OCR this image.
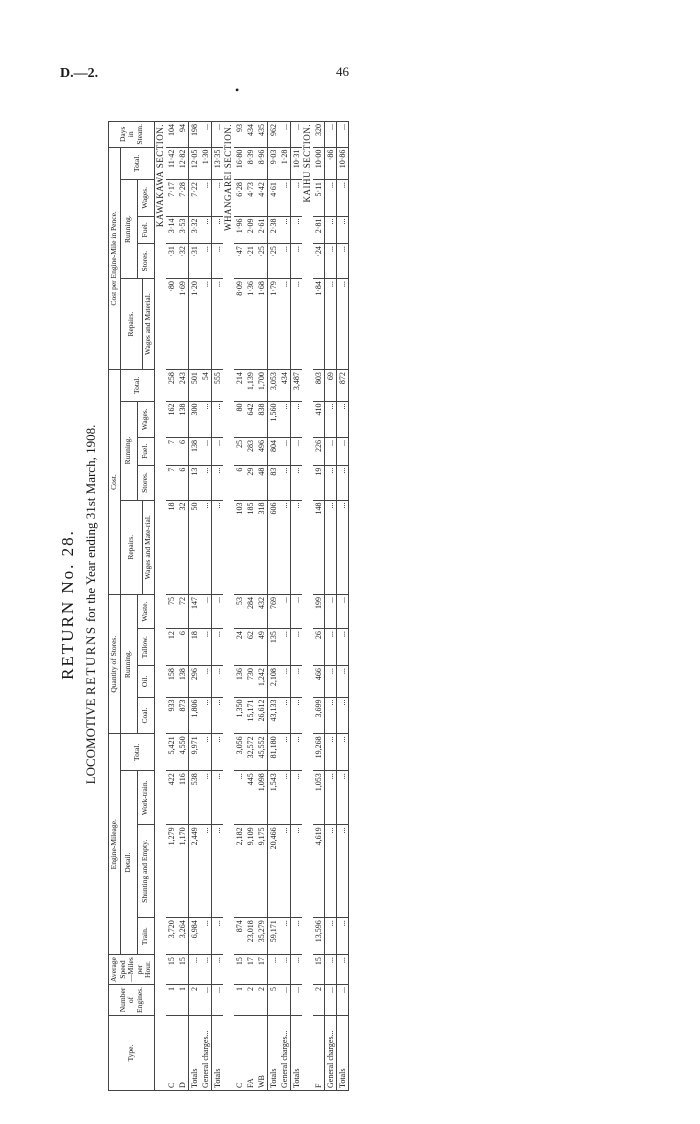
D.—2.	46
•
RETURN No. 28.
LOCOMOTIVE RETURNS for the Year ending 31st March, 1908.
Type.	Number of Engines.	Average Speed—Miles per Hour.	Engine-Mileage.				Quantity of Stores.				Cost.					Cost per Engine-Mile in Pence.					Days in Steam.
			Detail.			Total.	Running.				Repairs.	Running.			Total.	Repairs.	Running.			Total.	
			Train.	Shunting and Empty.	Work-train.		Coal.	Oil.	Tallow.	Waste.		Stores.	Fuel.	Wages.			Stores.	Fuel.	Wages.		
											Wages and Mate-rial.					Wages and Material.					
KAWAKAWA SECTION.																					
C	1	15	3,720	1,279	422	5,421	933	158	12	75	18	7	7	162	258	·80	·31	3·14	7·17	11·42	104
D	1	15	3,264	1,170	116	4,550	873	138	6	72	32	6	6	138	243	1·69	·32	3·53	7·28	12·82	94
Totals	2	...	6,984	2,449	538	9,971	1,806	296	18	147	50	13	138	300	501	1·20	·31	3·32	7·22	12·05	198
General charges...	...	...	...	...	...	...	...	...	...	...	...	...	...	...	54	...	...	...	...	1·30	...
Totals	...	...	...	...	...	...	...	...	...	...	...	...	...	...	555	...	...	...	...	13·35	...
WHANGAREI SECTION.																					
C	1	15	874	2,182	...	3,056	1,350	136	24	53	103	6	25	80	214	8·09	·47	1·96	6·28	16·80	93
FA	2	17	23,018	9,109	445	32,572	15,171	730	62	284	185	29	283	642	1,139	1·36	·21	2·09	4·73	8·39	434
WB	2	17	35,279	9,175	1,098	45,552	26,612	1,242	49	432	318	48	496	838	1,700	1·68	·25	2·61	4·42	8·96	435
Totals	5	...	59,171	20,466	1,543	81,180	43,133	2,108	135	769	606	83	804	1,560	3,053	1·79	·25	2·38	4·61	9·03	962
General charges...	...	...	...	...	...	...	...	...	...	...	...	...	...	...	434	...	...	...	...	1·28	...
Totals	...	...	...	...	...	...	...	...	...	...	...	...	...	...	3,487	...	...	...	...	10·31	...
KAIHU SECTION.																					
F	2	15	13,596	4,619	1,053	19,268	3,699	466	26	199	148	19	226	410	803	1·84	·24	2·81	5·11	10·00	320
General charges...	...	...	...	...	...	...	...	...	...	...	...	...	...	...	69	...	...	...	...	·86	...
Totals	...	...	...	...	...	...	...	...	...	...	...	...	...	...	872	...	...	...	...	10·86	...
